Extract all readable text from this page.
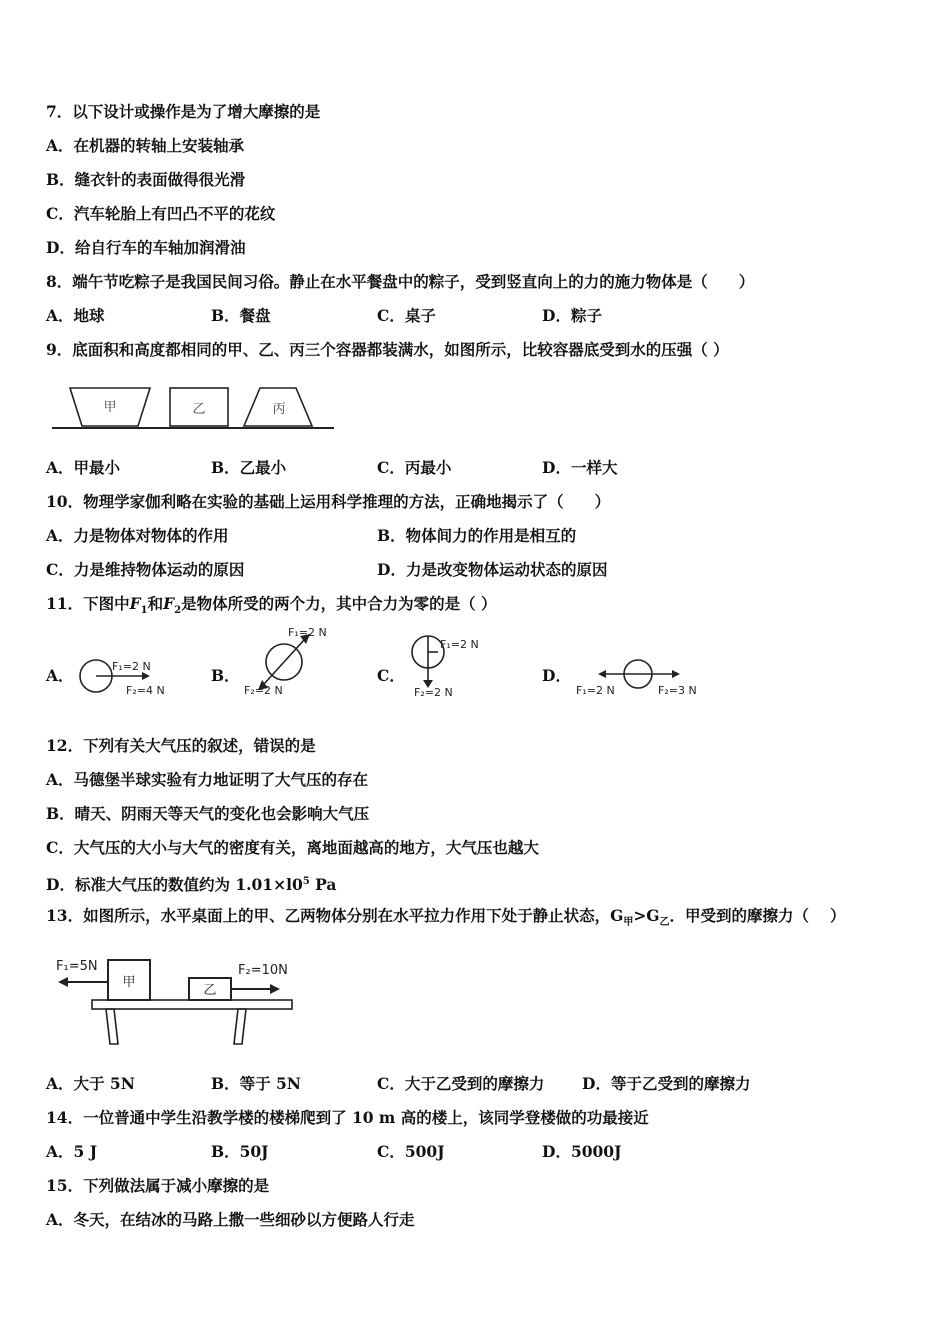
7．以下设计或操作是为了增大摩擦的是
A．在机器的转轴上安装轴承
B．缝衣针的表面做得很光滑
C．汽车轮胎上有凹凸不平的花纹
D．给自行车的车轴加润滑油
8．端午节吃粽子是我国民间习俗。静止在水平餐盘中的粽子，受到竖直向上的力的施力物体是（　　）
A．地球	B．餐盘	C．桌子	D．粽子
9．底面积和高度都相同的甲、乙、丙三个容器都装满水，如图所示，比较容器底受到水的压强（ ）
甲	乙	丙
A．甲最小	B．乙最小	C．丙最小	D．一样大
10．物理学家伽利略在实验的基础上运用科学推理的方法，正确地揭示了（　　）
A．力是物体对物体的作用	B．物体间力的作用是相互的
C．力是维持物体运动的原因	D．力是改变物体运动状态的原因
11．下图中$F_1$和$F_2$是物体所受的两个力，其中合力为零的是（ ）
A．	B．	C．	D．
F₁=2 N
F₂=4 N
F₁=2 N
F₂=2 N
F₁=2 N
F₂=2 N	F₁=2 N	F₂=3 N
12．下列有关大气压的叙述，错误的是
A．马德堡半球实验有力地证明了大气压的存在
B．晴天、阴雨天等天气的变化也会影响大气压
C．大气压的大小与大气的密度有关，离地面越高的地方，大气压也越大
D．标准大气压的数值约为 $1.01\times l0^5$ Pa
13．如图所示，水平桌面上的甲、乙两物体分别在水平拉力作用下处于静止状态，$G_甲>G_乙$．甲受到的摩擦力（　 ）
甲
乙
F₁=5N	F₂=10N
A．大于 5N	B．等于 5N	C．大于乙受到的摩擦力 D．等于乙受到的摩擦力
14．一位普通中学生沿教学楼的楼梯爬到了 10 m 高的楼上，该同学登楼做的功最接近
A．5 J	B．50J	C．500J	D．5000J
15．下列做法属于减小摩擦的是
A．冬天，在结冰的马路上撒一些细砂以方便路人行走
